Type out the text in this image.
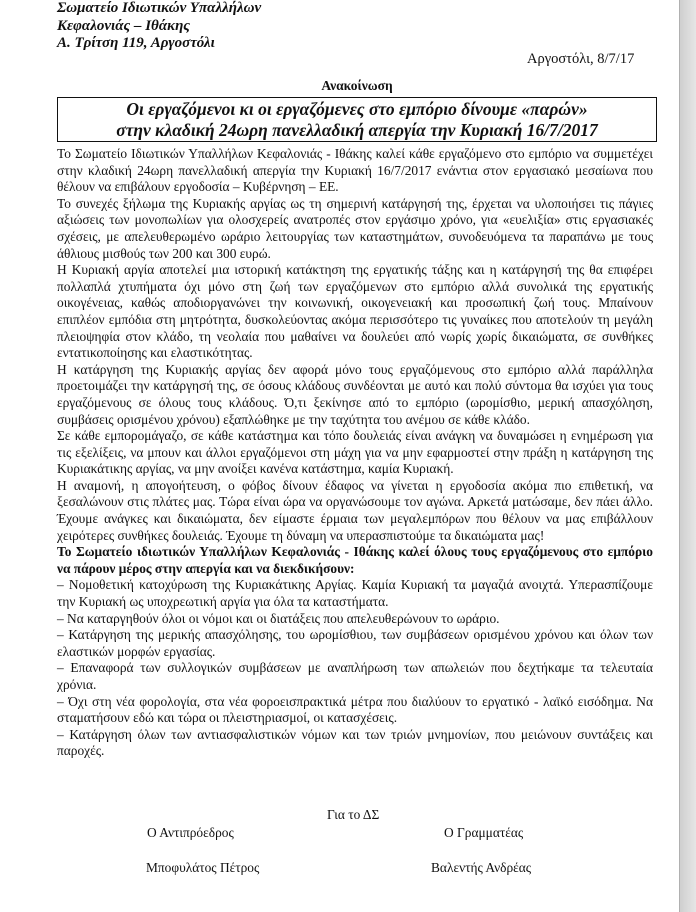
Σωματείο Ιδιωτικών Υπαλλήλων
Κεφαλονιάς – Ιθάκης
Α. Τρίτση 119, Αργοστόλι
Αργοστόλι, 8/7/17
Ανακοίνωση
Οι εργαζόμενοι κι οι εργαζόμενες στο εμπόριο δίνουμε «παρών»
στην κλαδική 24ωρη πανελλαδική απεργία την Κυριακή 16/7/2017

Το Σωματείο Ιδιωτικών Υπαλλήλων Κεφαλονιάς - Ιθάκης καλεί κάθε εργαζόμενο στο εμπόριο να συμμετέχει στην κλαδική 24ωρη πανελλαδική απεργία την Κυριακή 16/7/2017 ενάντια στον εργασιακό μεσαίωνα που θέλουν να επιβάλουν εργοδοσία – Κυβέρνηση – ΕΕ.

Το συνεχές ξήλωμα της Κυριακής αργίας ως τη σημερινή κατάργησή της, έρχεται να υλοποιήσει τις πάγιες αξιώσεις των μονοπωλίων για ολοσχερείς ανατροπές στον εργάσιμο χρόνο, για «ευελιξία» στις εργασιακές σχέσεις, με απελευθερωμένο ωράριο λειτουργίας των καταστημάτων, συνοδευόμενα τα παραπάνω με τους άθλιους μισθούς των 200 και 300 ευρώ.

Η Κυριακή αργία αποτελεί μια ιστορική κατάκτηση της εργατικής τάξης και η κατάργησή της θα επιφέρει πολλαπλά χτυπήματα όχι μόνο στη ζωή των εργαζόμενων στο εμπόριο αλλά συνολικά της εργατικής οικογένειας, καθώς αποδιοργανώνει την κοινωνική, οικογενειακή και προσωπική ζωή τους. Μπαίνουν επιπλέον εμπόδια στη μητρότητα, δυσκολεύοντας ακόμα περισσότερο τις γυναίκες που αποτελούν τη μεγάλη πλειοψηφία στον κλάδο, τη νεολαία που μαθαίνει να δουλεύει από νωρίς χωρίς δικαιώματα, σε συνθήκες εντατικοποίησης και ελαστικότητας.

Η κατάργηση της Κυριακής αργίας δεν αφορά μόνο τους εργαζόμενους στο εμπόριο αλλά παράλληλα προετοιμάζει την κατάργησή της, σε όσους κλάδους συνδέονται με αυτό και πολύ σύντομα θα ισχύει για τους εργαζόμενους σε όλους τους κλάδους. Ό,τι ξεκίνησε από το εμπόριο (ωρομίσθιο, μερική απασχόληση, συμβάσεις ορισμένου χρόνου) εξαπλώθηκε με την ταχύτητα του ανέμου σε κάθε κλάδο.

Σε κάθε εμπορομάγαζο, σε κάθε κατάστημα και τόπο δουλειάς είναι ανάγκη να δυναμώσει η ενημέρωση για τις εξελίξεις, να μπουν και άλλοι εργαζόμενοι στη μάχη για να μην εφαρμοστεί στην πράξη η κατάργηση της Κυριακάτικης αργίας, να μην ανοίξει κανένα κατάστημα, καμία Κυριακή.

Η αναμονή, η απογοήτευση, ο φόβος δίνουν έδαφος να γίνεται η εργοδοσία ακόμα πιο επιθετική, να ξεσαλώνουν στις πλάτες μας. Τώρα είναι ώρα να οργανώσουμε τον αγώνα. Αρκετά ματώσαμε, δεν πάει άλλο. Έχουμε ανάγκες και δικαιώματα, δεν είμαστε έρμαια των μεγαλεμπόρων που θέλουν να μας επιβάλλουν χειρότερες συνθήκες δουλειάς. Έχουμε τη δύναμη να υπερασπιστούμε τα δικαιώματα μας!

Το Σωματείο ιδιωτικών Υπαλλήλων Κεφαλονιάς - Ιθάκης καλεί όλους τους εργαζόμενους στο εμπόριο να πάρουν μέρος στην απεργία και να διεκδικήσουν:

– Νομοθετική κατοχύρωση της Κυριακάτικης Αργίας. Καμία Κυριακή τα μαγαζιά ανοιχτά. Υπερασπίζουμε την Κυριακή ως υποχρεωτική αργία για όλα τα καταστήματα.

– Να καταργηθούν όλοι οι νόμοι και οι διατάξεις που απελευθερώνουν το ωράριο.

– Κατάργηση της μερικής απασχόλησης, του ωρομίσθιου, των συμβάσεων ορισμένου χρόνου και όλων των ελαστικών μορφών εργασίας.

– Επαναφορά των συλλογικών συμβάσεων με αναπλήρωση των απωλειών που δεχτήκαμε τα τελευταία χρόνια.

– Όχι στη νέα φορολογία, στα νέα φοροεισπρακτικά μέτρα που διαλύουν το εργατικό - λαϊκό εισόδημα. Να σταματήσουν εδώ και τώρα οι πλειστηριασμοί, οι κατασχέσεις.

– Κατάργηση όλων των αντιασφαλιστικών νόμων και των τριών μνημονίων, που μειώνουν συντάξεις και παροχές.

Για το ΔΣ
Ο Αντιπρόεδρος	Ο Γραμματέας
Μποφυλάτος Πέτρος	Βαλεντής Ανδρέας
